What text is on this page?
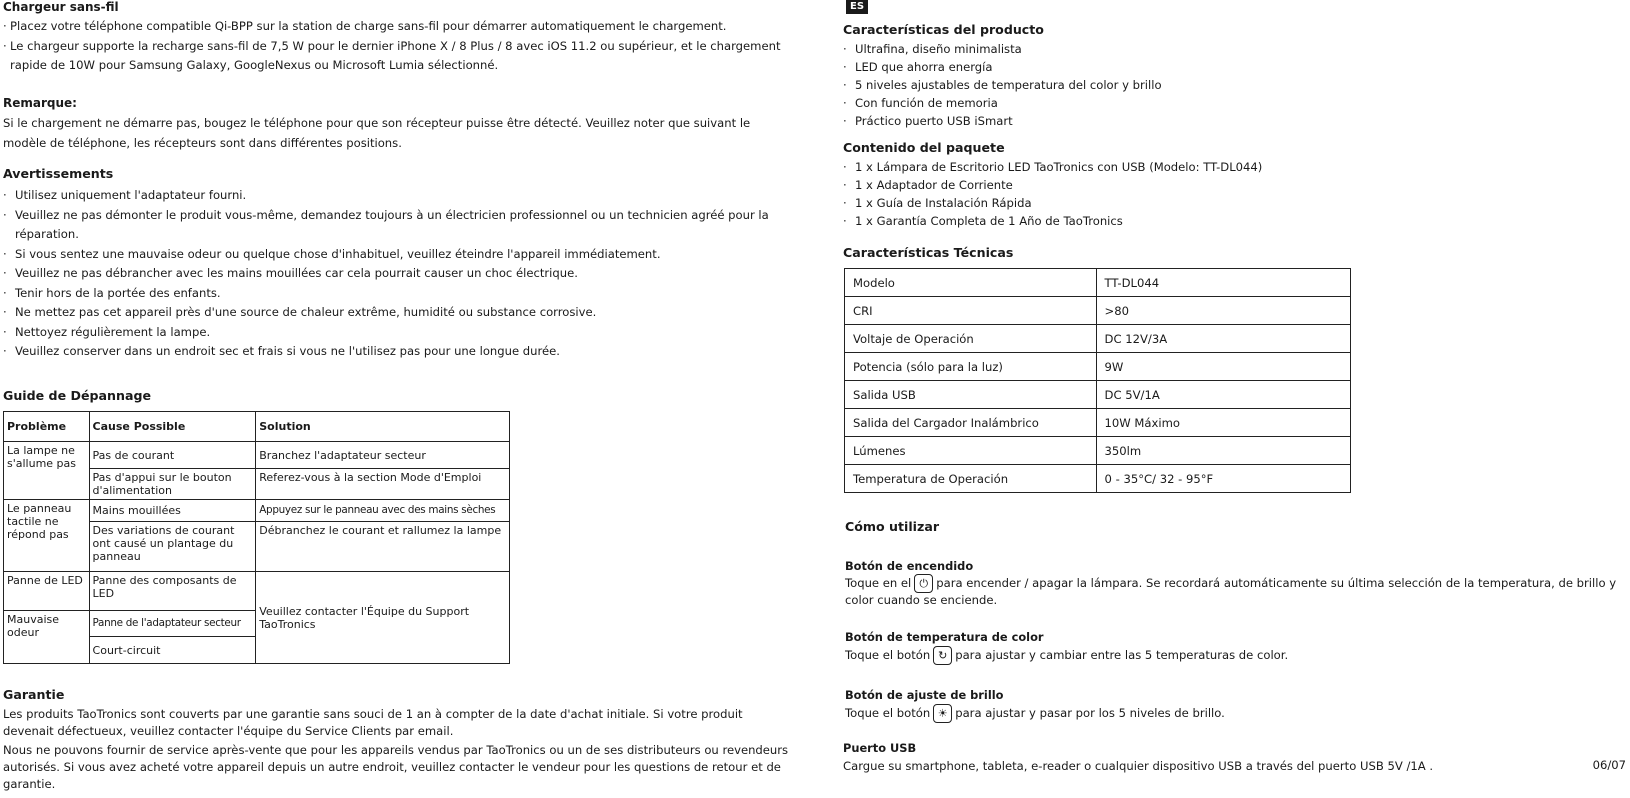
Chargeur sans-fil
· Placez votre téléphone compatible Qi-BPP sur la station de charge sans-fil pour démarrer automatiquement le chargement.
· Le chargeur supporte la recharge sans-fil de 7,5 W pour le dernier iPhone X / 8 Plus / 8 avec iOS 11.2 ou supérieur, et le chargement rapide de 10W pour Samsung Galaxy, GoogleNexus ou Microsoft Lumia sélectionné.
Remarque:
Si le chargement ne démarre pas, bougez le téléphone pour que son récepteur puisse être détecté. Veuillez noter que suivant le modèle de téléphone, les récepteurs sont dans différentes positions.
Avertissements
· Utilisez uniquement l'adaptateur fourni.
· Veuillez ne pas démonter le produit vous-même, demandez toujours à un électricien professionnel ou un technicien agréé pour la réparation.
· Si vous sentez une mauvaise odeur ou quelque chose d'inhabituel, veuillez éteindre l'appareil immédiatement.
· Veuillez ne pas débrancher avec les mains mouillées car cela pourrait causer un choc électrique.
· Tenir hors de la portée des enfants.
· Ne mettez pas cet appareil près d'une source de chaleur extrême, humidité ou substance corrosive.
· Nettoyez régulièrement la lampe.
· Veuillez conserver dans un endroit sec et frais si vous ne l'utilisez pas pour une longue durée.
Guide de Dépannage
Problème	Cause Possible	Solution
La lampe ne s'allume pas	Pas de courant	Branchez l'adaptateur secteur
	Pas d'appui sur le bouton d'alimentation	Referez-vous à la section Mode d'Emploi
Le panneau tactile ne répond pas	Mains mouillées	Appuyez sur le panneau avec des mains sèches
	Des variations de courant ont causé un plantage du panneau	Débranchez le courant et rallumez la lampe
Panne de LED	Panne des composants de LED	Veuillez contacter l'Équipe du Support TaoTronics
Mauvaise odeur	Panne de l'adaptateur secteur	
	Court-circuit	
Garantie
Les produits TaoTronics sont couverts par une garantie sans souci de 1 an à compter de la date d'achat initiale. Si votre produit devenait défectueux, veuillez contacter l'équipe du Service Clients par email.
Nous ne pouvons fournir de service après-vente que pour les appareils vendus par TaoTronics ou un de ses distributeurs ou revendeurs autorisés. Si vous avez acheté votre appareil depuis un autre endroit, veuillez contacter le vendeur pour les questions de retour et de garantie.
ES
Características del producto
· Ultrafina, diseño minimalista
· LED que ahorra energía
· 5 niveles ajustables de temperatura del color y brillo
· Con función de memoria
· Práctico puerto USB iSmart
Contenido del paquete
· 1 x Lámpara de Escritorio LED TaoTronics con USB (Modelo: TT-DL044)
· 1 x Adaptador de Corriente
· 1 x Guía de Instalación Rápida
· 1 x Garantía Completa de 1 Año de TaoTronics
Características Técnicas
Modelo	TT-DL044
CRI	>80
Voltaje de Operación	DC 12V/3A
Potencia (sólo para la luz)	9W
Salida USB	DC 5V/1A
Salida del Cargador Inalámbrico	10W Máximo
Lúmenes	350lm
Temperatura de Operación	0 - 35°C/ 32 - 95°F
Cómo utilizar
Botón de encendido
Toque en el ⏻ para encender / apagar la lámpara. Se recordará automáticamente su última selección de la temperatura, de brillo y color cuando se enciende.
Botón de temperatura de color
Toque el botón ↻ para ajustar y cambiar entre las 5 temperaturas de color.
Botón de ajuste de brillo
Toque el botón ☀ para ajustar y pasar por los 5 niveles de brillo.
Puerto USB
Cargue su smartphone, tableta, e-reader o cualquier dispositivo USB a través del puerto USB 5V /1A .	06/07
